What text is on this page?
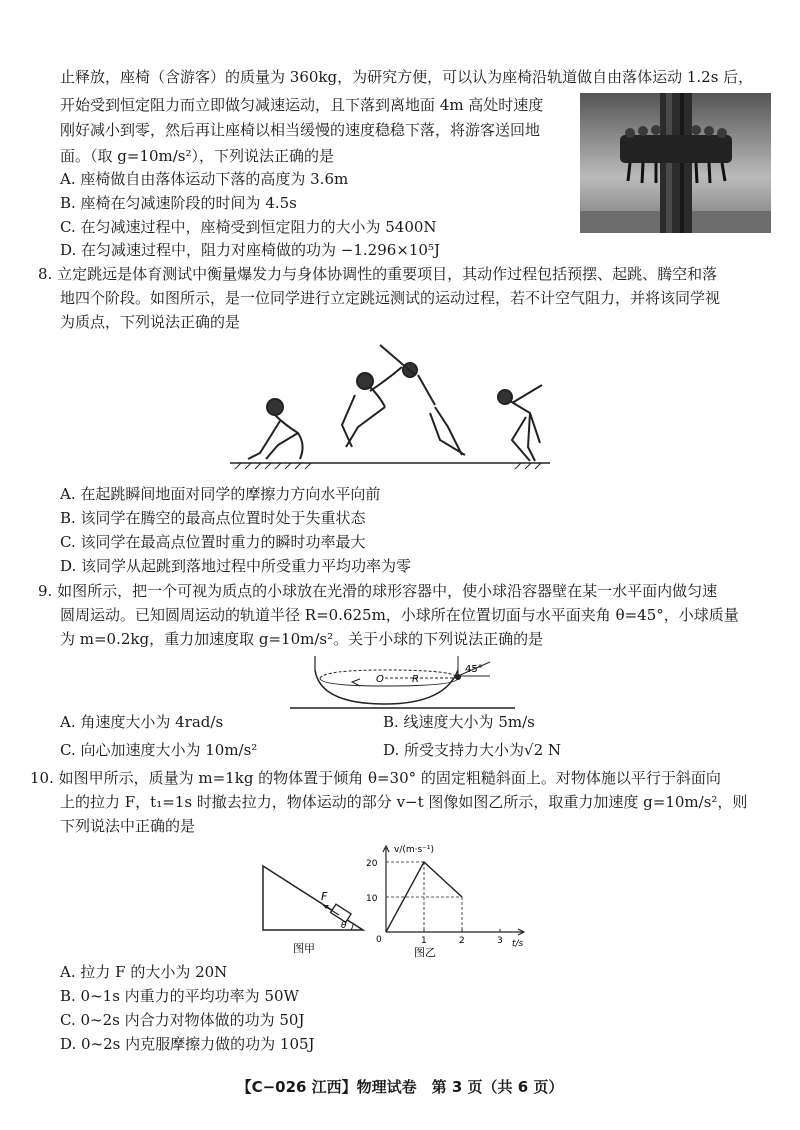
止释放，座椅（含游客）的质量为 360kg，为研究方便，可以认为座椅沿轨道做自由落体运动 1.2s 后，
开始受到恒定阻力而立即做匀减速运动，且下落到离地面 4m 高处时速度
刚好减小到零，然后再让座椅以相当缓慢的速度稳稳下落，将游客送回地
面。（取 g=10m/s²），下列说法正确的是
A. 座椅做自由落体运动下落的高度为 3.6m
B. 座椅在匀减速阶段的时间为 4.5s
C. 在匀减速过程中，座椅受到恒定阻力的大小为 5400N
D. 在匀减速过程中，阻力对座椅做的功为 −1.296×10⁵J
8. 立定跳远是体育测试中衡量爆发力与身体协调性的重要项目，其动作过程包括预摆、起跳、腾空和落
地四个阶段。如图所示，是一位同学进行立定跳远测试的运动过程，若不计空气阻力，并将该同学视
为质点，下列说法正确的是
A. 在起跳瞬间地面对同学的摩擦力方向水平向前
B. 该同学在腾空的最高点位置时处于失重状态
C. 该同学在最高点位置时重力的瞬时功率最大
D. 该同学从起跳到落地过程中所受重力平均功率为零
9. 如图所示，把一个可视为质点的小球放在光滑的球形容器中，使小球沿容器壁在某一水平面内做匀速
圆周运动。已知圆周运动的轨道半径 R=0.625m，小球所在位置切面与水平面夹角 θ=45°，小球质量
为 m=0.2kg，重力加速度取 g=10m/s²。关于小球的下列说法正确的是
O	R
45°
A. 角速度大小为 4rad/s	B. 线速度大小为 5m/s
C. 向心加速度大小为 10m/s²	D. 所受支持力大小为√2 N
10. 如图甲所示，质量为 m=1kg 的物体置于倾角 θ=30° 的固定粗糙斜面上。对物体施以平行于斜面向
上的拉力 F，t₁=1s 时撤去拉力，物体运动的部分 v−t 图像如图乙所示，取重力加速度 g=10m/s²，则
下列说法中正确的是
F
θ
图甲
v/(m·s⁻¹)
t/s
0
10
20
1	2	3
图乙
A. 拉力 F 的大小为 20N
B. 0~1s 内重力的平均功率为 50W
C. 0~2s 内合力对物体做的功为 50J
D. 0~2s 内克服摩擦力做的功为 105J
【C−026 江西】物理试卷　第 3 页（共 6 页）
